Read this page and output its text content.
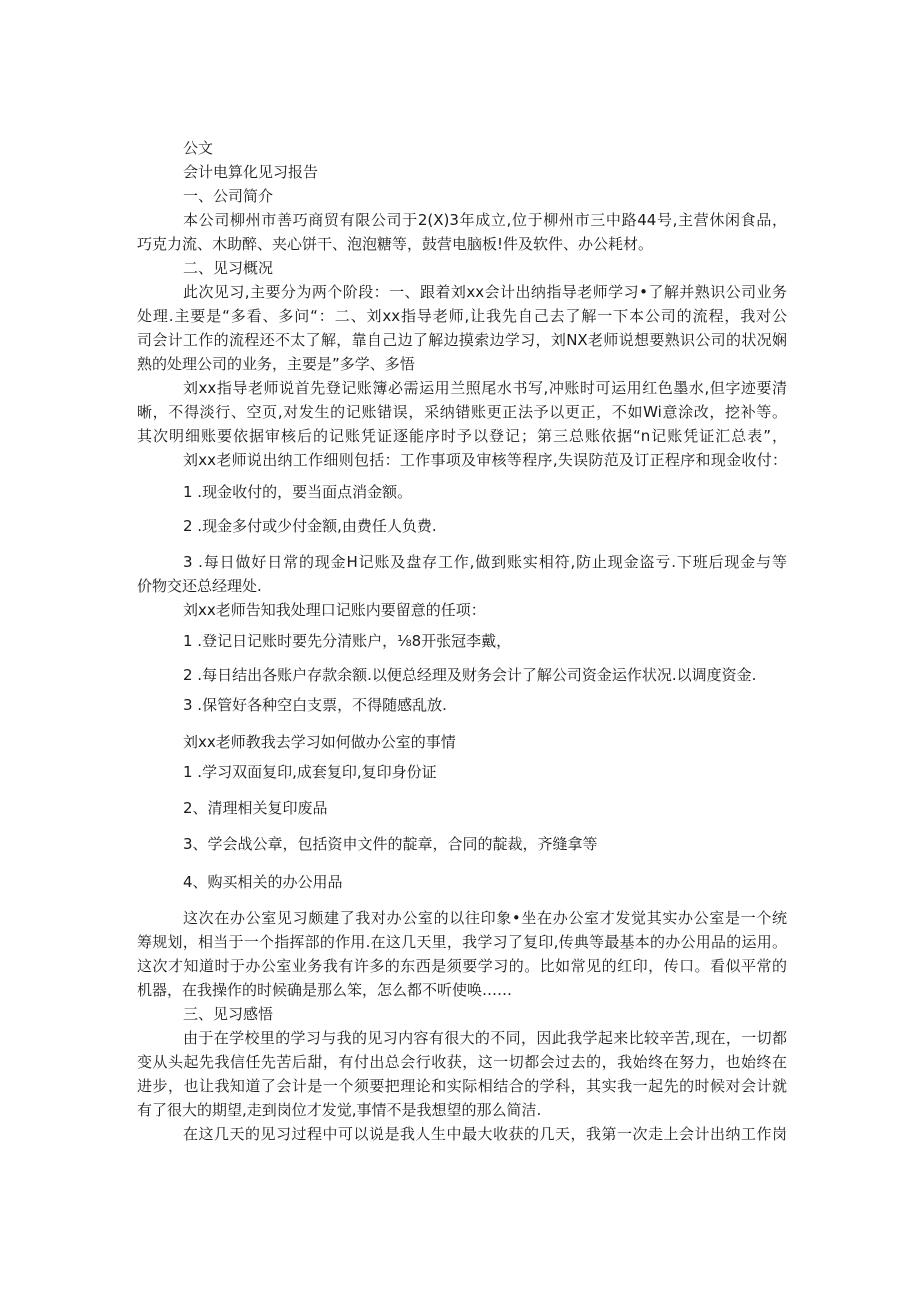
公文
会计电算化见习报告
一、公司简介
本公司柳州市善巧商贸有限公司于2(X)3年成立,位于柳州市三中路44号,主营休闲食品，
巧克力流、木助醉、夹心饼干、泡泡糖等，鼓营电脑板!件及软件、办公耗材。
二、见习概况
此次见习,主要分为两个阶段：一、跟着刘xx会计出纳指导老师学习•了解并熟识公司业务
处理.主要是“多看、多问“：二、刘xx指导老师,让我先自己去了解一下本公司的流程，我对公
司会计工作的流程还不太了解，靠自己边了解边摸索边学习，刘NX老师说想要熟识公司的状况娴
熟的处理公司的业务，主要是”多学、多悟
刘xx指导老师说首先登记账簿必需运用兰照尾水书写,冲账时可运用红色墨水,但字迹要清
晰，不得淡行、空页,对发生的记账错误，采纳错账更正法予以更正，不如Wi意涂改，挖补等。
其次明细账要依据审核后的记账凭证逐能序时予以登记；第三总账依据“n记账凭证汇总表”，
刘xx老师说出纳工作细则包括：工作事项及审核等程序,失误防范及订正程序和现金收付：
1 .现金收付的，要当面点消金额。
2 .现金多付或少付金额,由费任人负费.
3 .每日做好日常的现金H记账及盘存工作,做到账实相符,防止现金盗亏.下班后现金与等
价物交还总经理处.
刘xx老师告知我处理口记账内要留意的任项：
1 .登记日记账时要先分清账户，⅛8开张冠李戴，
2 .每日结出各账户存款余额.以便总经理及财务会计了解公司资金运作状况.以调度资金.
3 .保管好各种空白支票，不得随感乱放.
刘xx老师教我去学习如何做办公室的事情
1 .学习双面复印,成套复印,复印身份证
2、清理相关复印废品
3、学会战公章，包括资申文件的靛章，合同的靛裁，齐缝拿等
4、购买相关的办公用品
这次在办公室见习颇建了我对办公室的以往印象•坐在办公室才发觉其实办公室是一个统
筹规划，相当于一个指挥部的作用.在这几天里，我学习了复印,传典等最基本的办公用品的运用。
这次才知道时于办公室业务我有许多的东西是须要学习的。比如常见的红印，传口。看似平常的
机器，在我操作的时候确是那么笨，怎么都不听使唤……
三、见习感悟
由于在学校里的学习与我的见习内容有很大的不同，因此我学起来比较辛苦,现在，一切都
变从头起先我信任先苦后甜，有付出总会行收获，这一切都会过去的，我始终在努力，也始终在
进步，也让我知道了会计是一个须要把理论和实际相结合的学科，其实我一起先的时候对会计就
有了很大的期望,走到岗位才发觉,事情不是我想望的那么简洁.
在这几天的见习过程中可以说是我人生中最大收获的几天，我第一次走上会计出纳工作岗
